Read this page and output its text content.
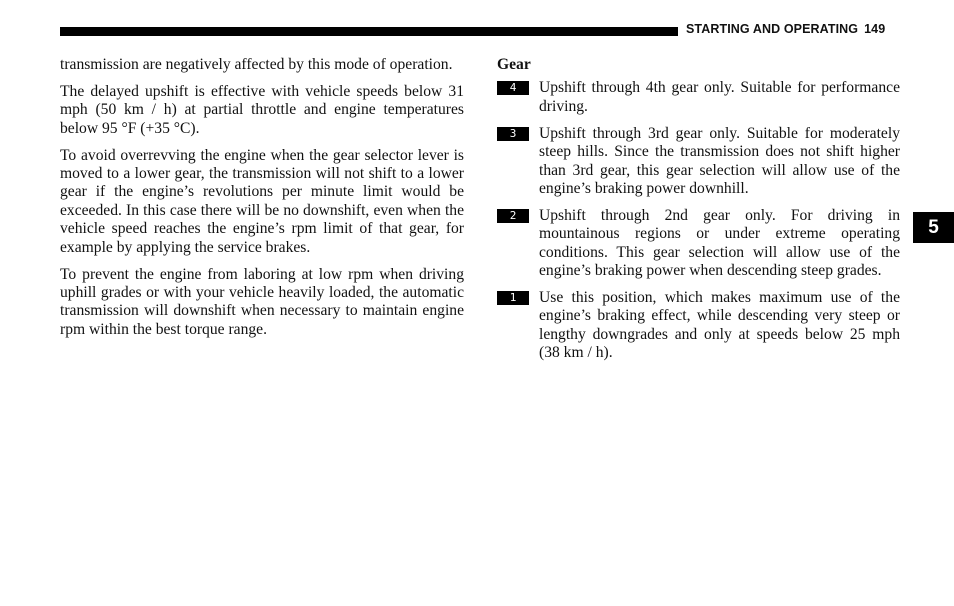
STARTING AND OPERATING 149

transmission are negatively affected by this mode of operation.

The delayed upshift is effective with vehicle speeds below 31 mph (50 km / h) at partial throttle and engine temperatures below 95 °F (+35 °C).

To avoid overrevving the engine when the gear selector lever is moved to a lower gear, the transmission will not shift to a lower gear if the engine’s revolutions per minute limit would be exceeded. In this case there will be no downshift, even when the vehicle speed reaches the engine’s rpm limit of that gear, for example by applying the service brakes.

To prevent the engine from laboring at low rpm when driving uphill grades or with your vehicle heavily loaded, the automatic transmission will downshift when necessary to maintain engine rpm within the best torque range.

Gear
4	Upshift through 4th gear only. Suitable for performance driving.

3	Upshift through 3rd gear only. Suitable for moderately steep hills. Since the transmission does not shift higher than 3rd gear, this gear selection will allow use of the engine’s braking power downhill.

2	Upshift through 2nd gear only. For driving in mountainous regions or under extreme operating conditions. This gear selection will allow use of the engine’s braking power when descending steep grades.

1	Use this position, which makes maximum use of the engine’s braking effect, while descending very steep or lengthy downgrades and only at speeds below 25 mph (38 km / h).

5
